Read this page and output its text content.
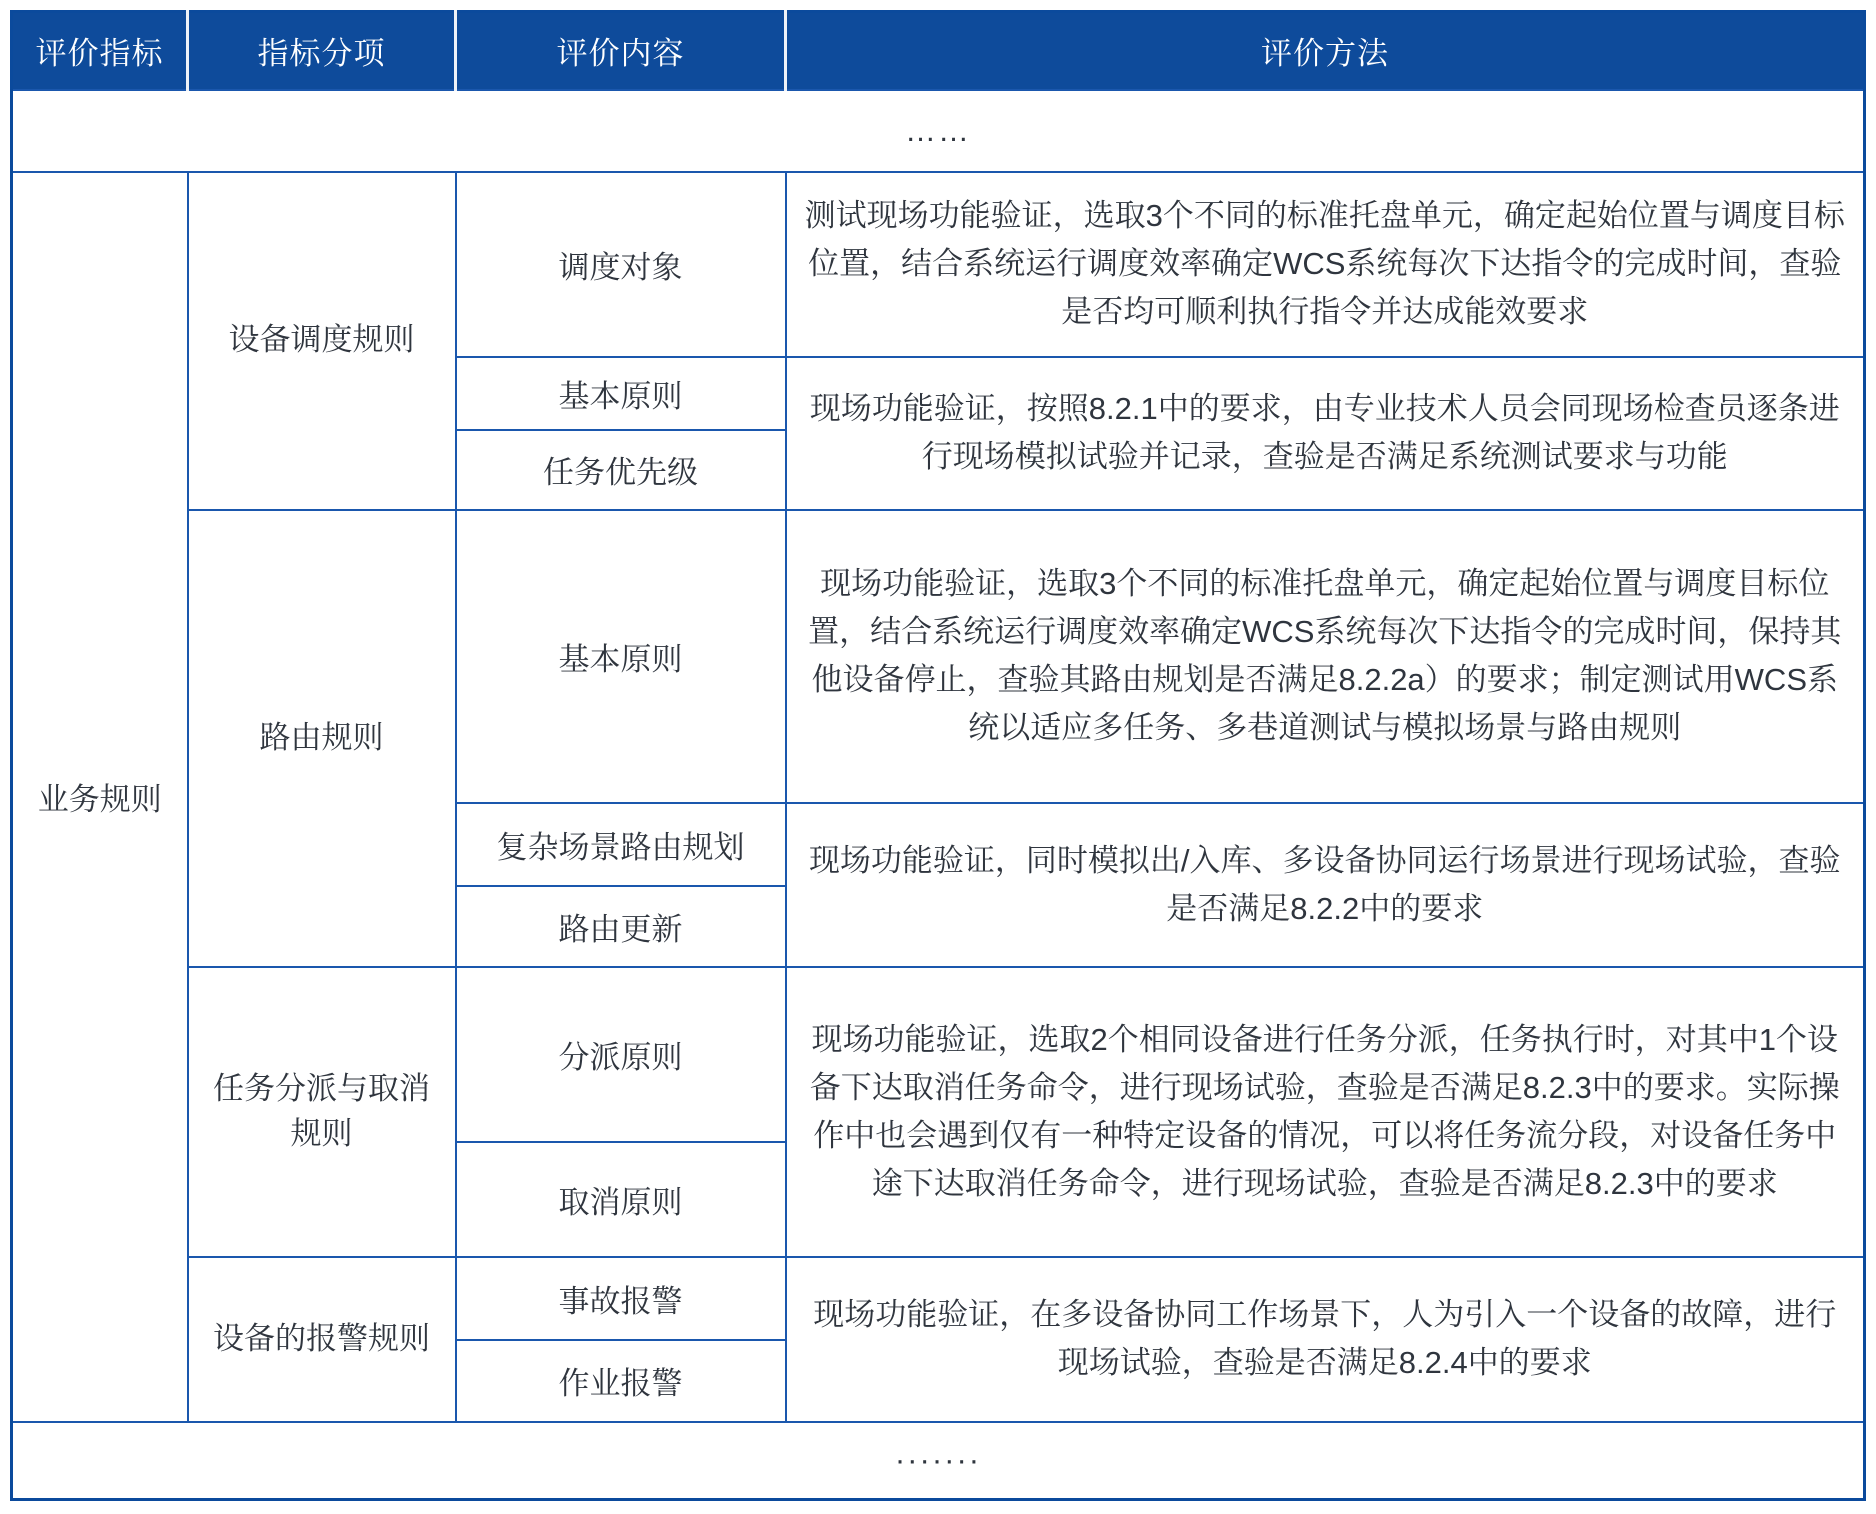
评价指标	指标分项	评价内容	评价方法
……			
业务规则	设备调度规则	调度对象	测试现场功能验证，选取3个不同的标准托盘单元，确定起始位置与调度目标位置，结合系统运行调度效率确定WCS系统每次下达指令的完成时间，查验是否均可顺利执行指令并达成能效要求
		基本原则	现场功能验证，按照8.2.1中的要求，由专业技术人员会同现场检查员逐条进行现场模拟试验并记录，查验是否满足系统测试要求与功能
		任务优先级	
	路由规则	基本原则	现场功能验证，选取3个不同的标准托盘单元，确定起始位置与调度目标位置，结合系统运行调度效率确定WCS系统每次下达指令的完成时间，保持其他设备停止，查验其路由规划是否满足8.2.2a）的要求；制定测试用WCS系统以适应多任务、多巷道测试与模拟场景与路由规则
		复杂场景路由规划	现场功能验证，同时模拟出/入库、多设备协同运行场景进行现场试验，查验是否满足8.2.2中的要求
		路由更新	
	任务分派与取消规则	分派原则	现场功能验证，选取2个相同设备进行任务分派，任务执行时，对其中1个设备下达取消任务命令，进行现场试验，查验是否满足8.2.3中的要求。实际操作中也会遇到仅有一种特定设备的情况，可以将任务流分段，对设备任务中途下达取消任务命令，进行现场试验，查验是否满足8.2.3中的要求
		取消原则	
	设备的报警规则	事故报警	现场功能验证，在多设备协同工作场景下，人为引入一个设备的故障，进行现场试验，查验是否满足8.2.4中的要求
		作业报警	
·······			
